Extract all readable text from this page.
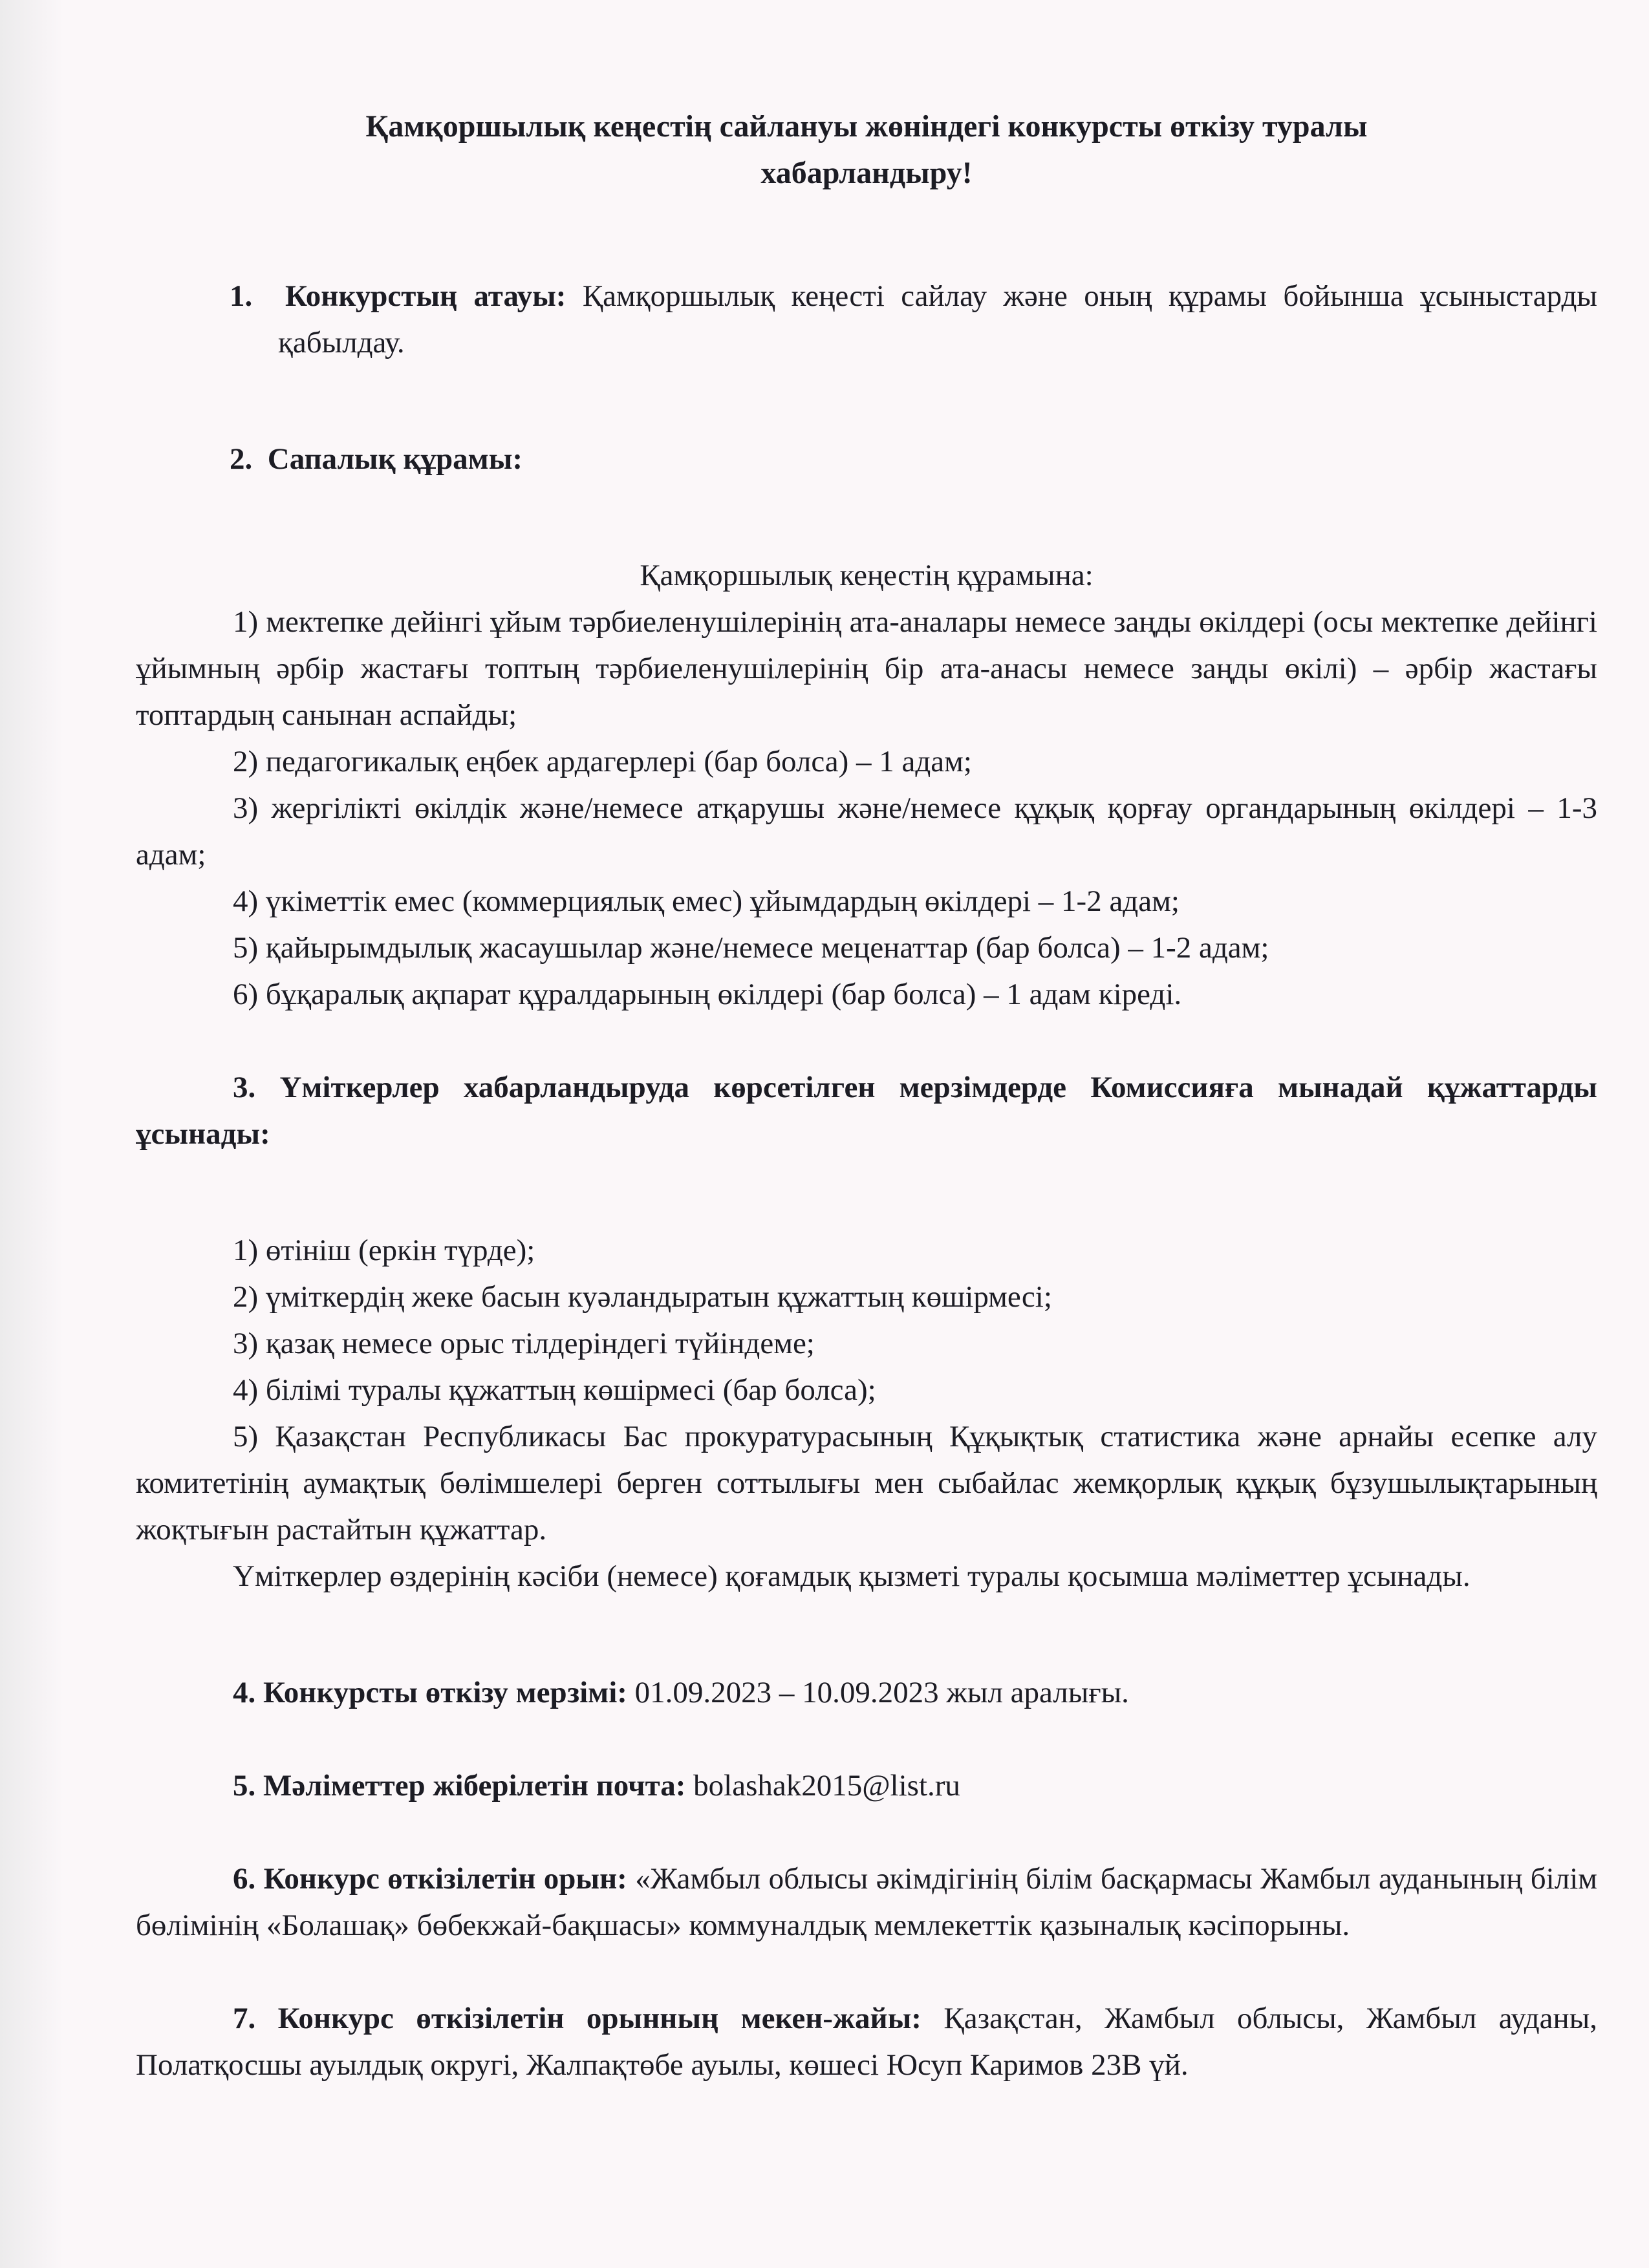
Қамқоршылық кеңестің сайлануы жөніндегі конкурсты өткізу туралы
хабарландыру!

1. Конкурстың атауы: Қамқоршылық кеңесті сайлау және оның құрамы бойынша ұсыныстарды қабылдау.

2. Сапалық құрамы:

Қамқоршылық кеңестің құрамына:

1) мектепке дейінгі ұйым тәрбиеленушілерінің ата-аналары немесе заңды өкілдері (осы мектепке дейінгі ұйымның әрбір жастағы топтың тәрбиеленушілерінің бір ата-анасы немесе заңды өкілі) – әрбір жастағы топтардың санынан аспайды;

2) педагогикалық еңбек ардагерлері (бар болса) – 1 адам;

3) жергілікті өкілдік және/немесе атқарушы және/немесе құқық қорғау органдарының өкілдері – 1-3 адам;

4) үкіметтік емес (коммерциялық емес) ұйымдардың өкілдері – 1-2 адам;

5) қайырымдылық жасаушылар және/немесе меценаттар (бар болса) – 1-2 адам;

6) бұқаралық ақпарат құралдарының өкілдері (бар болса) – 1 адам кіреді.

3. Үміткерлер хабарландыруда көрсетілген мерзімдерде Комиссияға мынадай құжаттарды ұсынады:

1) өтініш (еркін түрде);

2) үміткердің жеке басын куәландыратын құжаттың көшірмесі;

3) қазақ немесе орыс тілдеріндегі түйіндеме;

4) білімі туралы құжаттың көшірмесі (бар болса);

5) Қазақстан Республикасы Бас прокуратурасының Құқықтық статистика және арнайы есепке алу комитетінің аумақтық бөлімшелері берген соттылығы мен сыбайлас жемқорлық құқық бұзушылықтарының жоқтығын растайтын құжаттар.

Үміткерлер өздерінің кәсіби (немесе) қоғамдық қызметі туралы қосымша мәліметтер ұсынады.

4. Конкурсты өткізу мерзімі: 01.09.2023 – 10.09.2023 жыл аралығы.

5. Мәліметтер жіберілетін почта: bolashak2015@list.ru

6. Конкурс өткізілетін орын: «Жамбыл облысы әкімдігінің білім басқармасы Жамбыл ауданының білім бөлімінің «Болашақ» бөбекжай-бақшасы» коммуналдық мемлекеттік қазыналық кәсіпорыны.

7. Конкурс өткізілетін орынның мекен-жайы: Қазақстан, Жамбыл облысы, Жамбыл ауданы, Полатқосшы ауылдық округі, Жалпақтөбе ауылы, көшесі Юсуп Каримов 23В үй.
